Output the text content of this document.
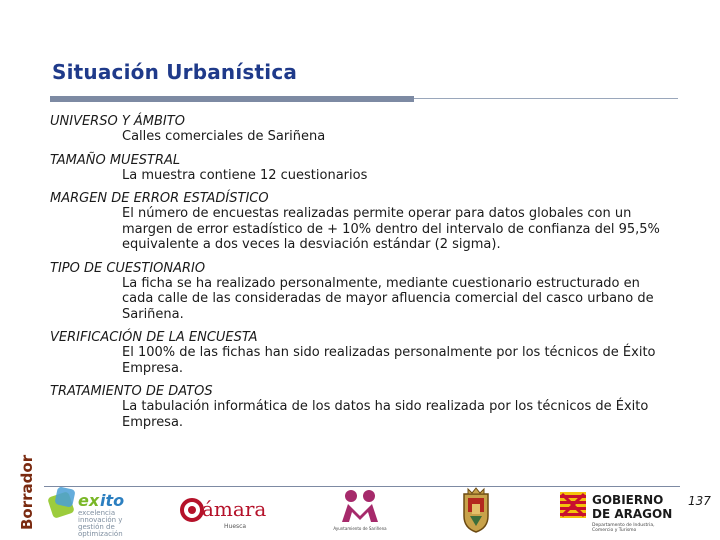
Situación Urbanística

UNIVERSO Y ÁMBITO

Calles comerciales de Sariñena

TAMAÑO MUESTRAL

La muestra contiene 12 cuestionarios

MARGEN DE ERROR ESTADÍSTICO

El número de encuestas realizadas permite operar para datos globales con un margen de error estadístico de + 10% dentro del intervalo de confianza del 95,5% equivalente a dos veces la desviación estándar (2 sigma).

TIPO DE CUESTIONARIO

La ficha se ha realizado personalmente, mediante cuestionario estructurado en cada calle de las consideradas de mayor afluencia comercial del casco urbano de Sariñena.

VERIFICACIÓN DE LA ENCUESTA

El 100% de las fichas han sido realizadas personalmente por los técnicos de Éxito Empresa.

TRATAMIENTO DE DATOS

La tabulación informática de los datos ha sido realizada por los técnicos de Éxito Empresa.

137
Borrador	ex ito
excelencia
innovación y
gestión de
optimización
ámara
Huesca	Ayuntamiento de Sariñena
GOBIERNO
DE ARAGON
Departamento de Industria,
Comercio y Turismo
